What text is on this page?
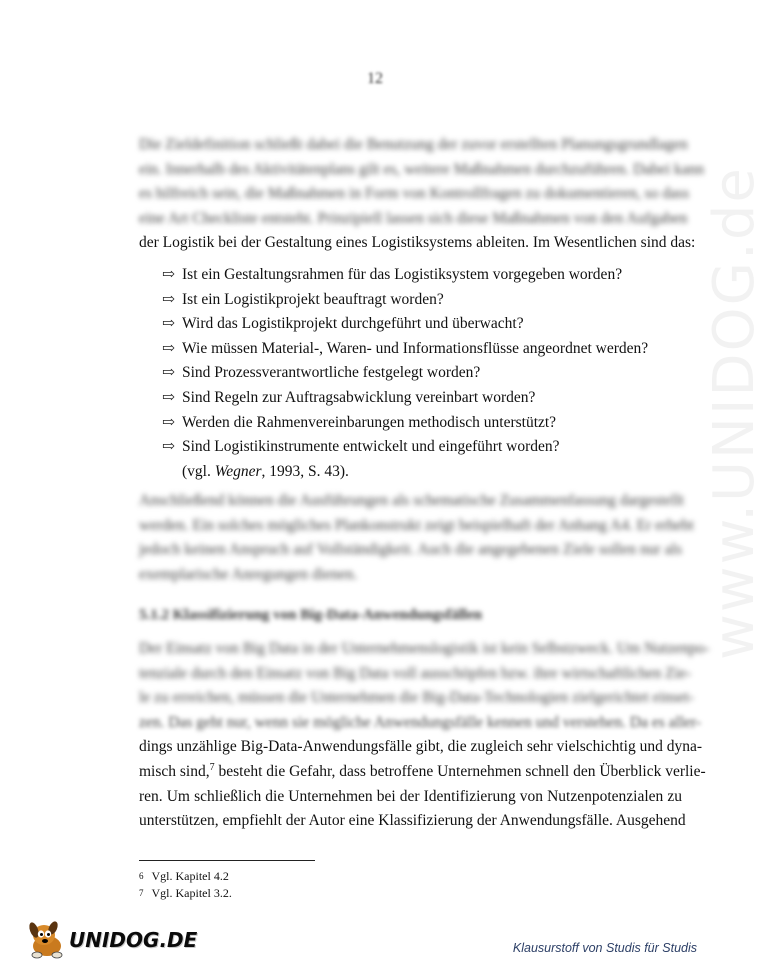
12
www.UNIDOG.de
Die Zieldefinition schließt dabei die Benutzung der zuvor erstellten Planungsgrundlagen
ein. Innerhalb des Aktivitätenplans gilt es, weitere Maßnahmen durchzuführen. Dabei kann
es hilfreich sein, die Maßnahmen in Form von Kontrollfragen zu dokumentieren, so dass
eine Art Checkliste entsteht. Prinzipiell lassen sich diese Maßnahmen von den Aufgaben
der Logistik bei der Gestaltung eines Logistiksystems ableiten. Im Wesentlichen sind das:
⇨ Ist ein Gestaltungsrahmen für das Logistiksystem vorgegeben worden?
⇨ Ist ein Logistikprojekt beauftragt worden?
⇨ Wird das Logistikprojekt durchgeführt und überwacht?
⇨ Wie müssen Material-, Waren- und Informationsflüsse angeordnet werden?
⇨ Sind Prozessverantwortliche festgelegt worden?
⇨ Sind Regeln zur Auftragsabwicklung vereinbart worden?
⇨ Werden die Rahmenvereinbarungen methodisch unterstützt?
⇨ Sind Logistikinstrumente entwickelt und eingeführt worden?
(vgl. Wegner, 1993, S. 43).
Anschließend können die Ausführungen als schematische Zusammenfassung dargestellt
werden. Ein solches mögliches Plankonstrukt zeigt beispielhaft der Anhang A4. Er erhebt
jedoch keinen Anspruch auf Vollständigkeit. Auch die angegebenen Ziele sollen nur als
exemplarische Anregungen dienen.
5.1.2 Klassifizierung von Big-Data-Anwendungsfällen
Der Einsatz von Big Data in der Unternehmenslogistik ist kein Selbstzweck. Um Nutzenpo-
tenziale durch den Einsatz von Big Data voll ausschöpfen bzw. ihre wirtschaftlichen Zie-
le zu erreichen, müssen die Unternehmen die Big-Data-Technologien zielgerichtet einset-
zen. Das geht nur, wenn sie mögliche Anwendungsfälle kennen und verstehen. Da es aller-
dings unzählige Big-Data-Anwendungsfälle gibt, die zugleich sehr vielschichtig und dyna-
misch sind,$^7$ besteht die Gefahr, dass betroffene Unternehmen schnell den Überblick verlie-
ren. Um schließlich die Unternehmen bei der Identifizierung von Nutzenpotenzialen zu
unterstützen, empfiehlt der Autor eine Klassifizierung der Anwendungsfälle. Ausgehend
$^6$ Vgl. Kapitel 4.2
$^7$ Vgl. Kapitel 3.2.
UNIDOG.DE	Klausurstoff von Studis für Studis
